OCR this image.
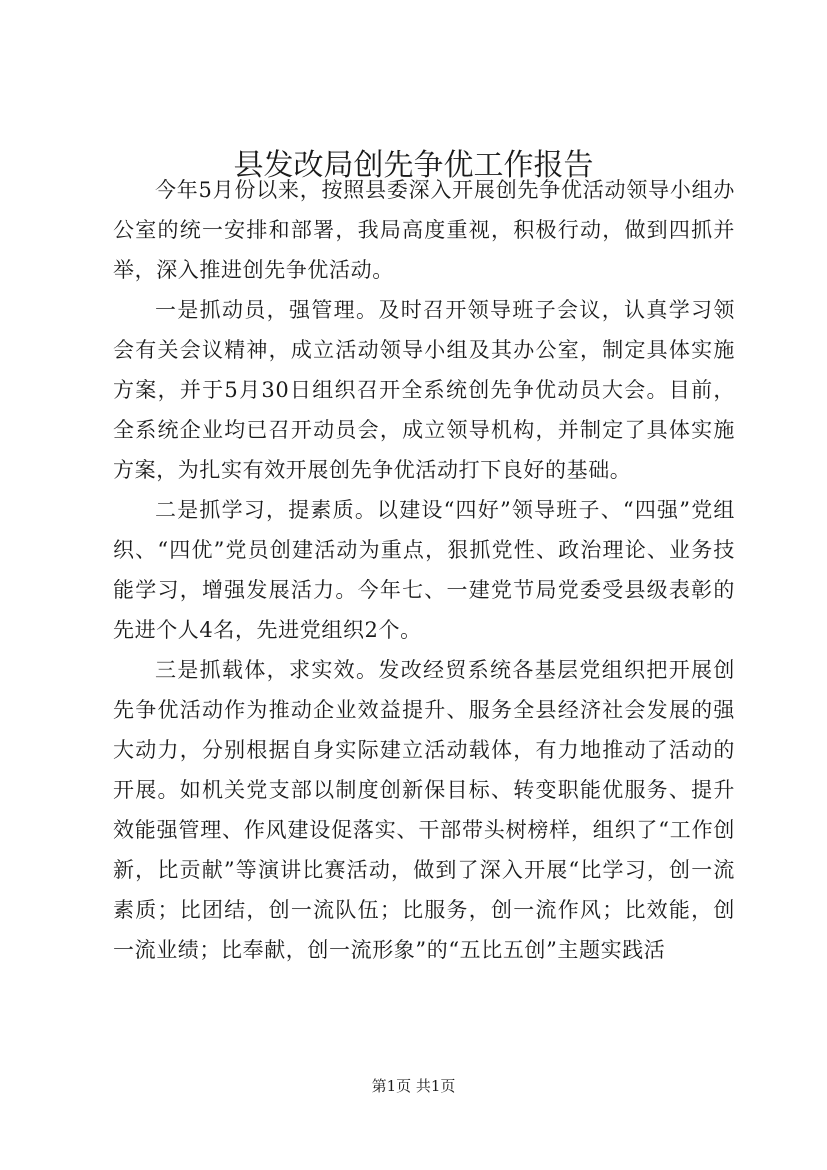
县发改局创先争优工作报告

今年5月份以来，按照县委深入开展创先争优活动领导小组办公室的统一安排和部署，我局高度重视，积极行动，做到四抓并举，深入推进创先争优活动。

一是抓动员，强管理。及时召开领导班子会议，认真学习领会有关会议精神，成立活动领导小组及其办公室，制定具体实施方案，并于5月30日组织召开全系统创先争优动员大会。目前，全系统企业均已召开动员会，成立领导机构，并制定了具体实施方案，为扎实有效开展创先争优活动打下良好的基础。

二是抓学习，提素质。以建设“四好”领导班子、“四强”党组织、“四优”党员创建活动为重点，狠抓党性、政治理论、业务技能学习，增强发展活力。今年七、一建党节局党委受县级表彰的先进个人4名，先进党组织2个。

三是抓载体，求实效。发改经贸系统各基层党组织把开展创先争优活动作为推动企业效益提升、服务全县经济社会发展的强大动力，分别根据自身实际建立活动载体，有力地推动了活动的开展。如机关党支部以制度创新保目标、转变职能优服务、提升效能强管理、作风建设促落实、干部带头树榜样，组织了“工作创新，比贡献”等演讲比赛活动，做到了深入开展“比学习，创一流素质；比团结，创一流队伍；比服务，创一流作风；比效能，创一流业绩；比奉献，创一流形象”的“五比五创”主题实践活

第1页 共1页
